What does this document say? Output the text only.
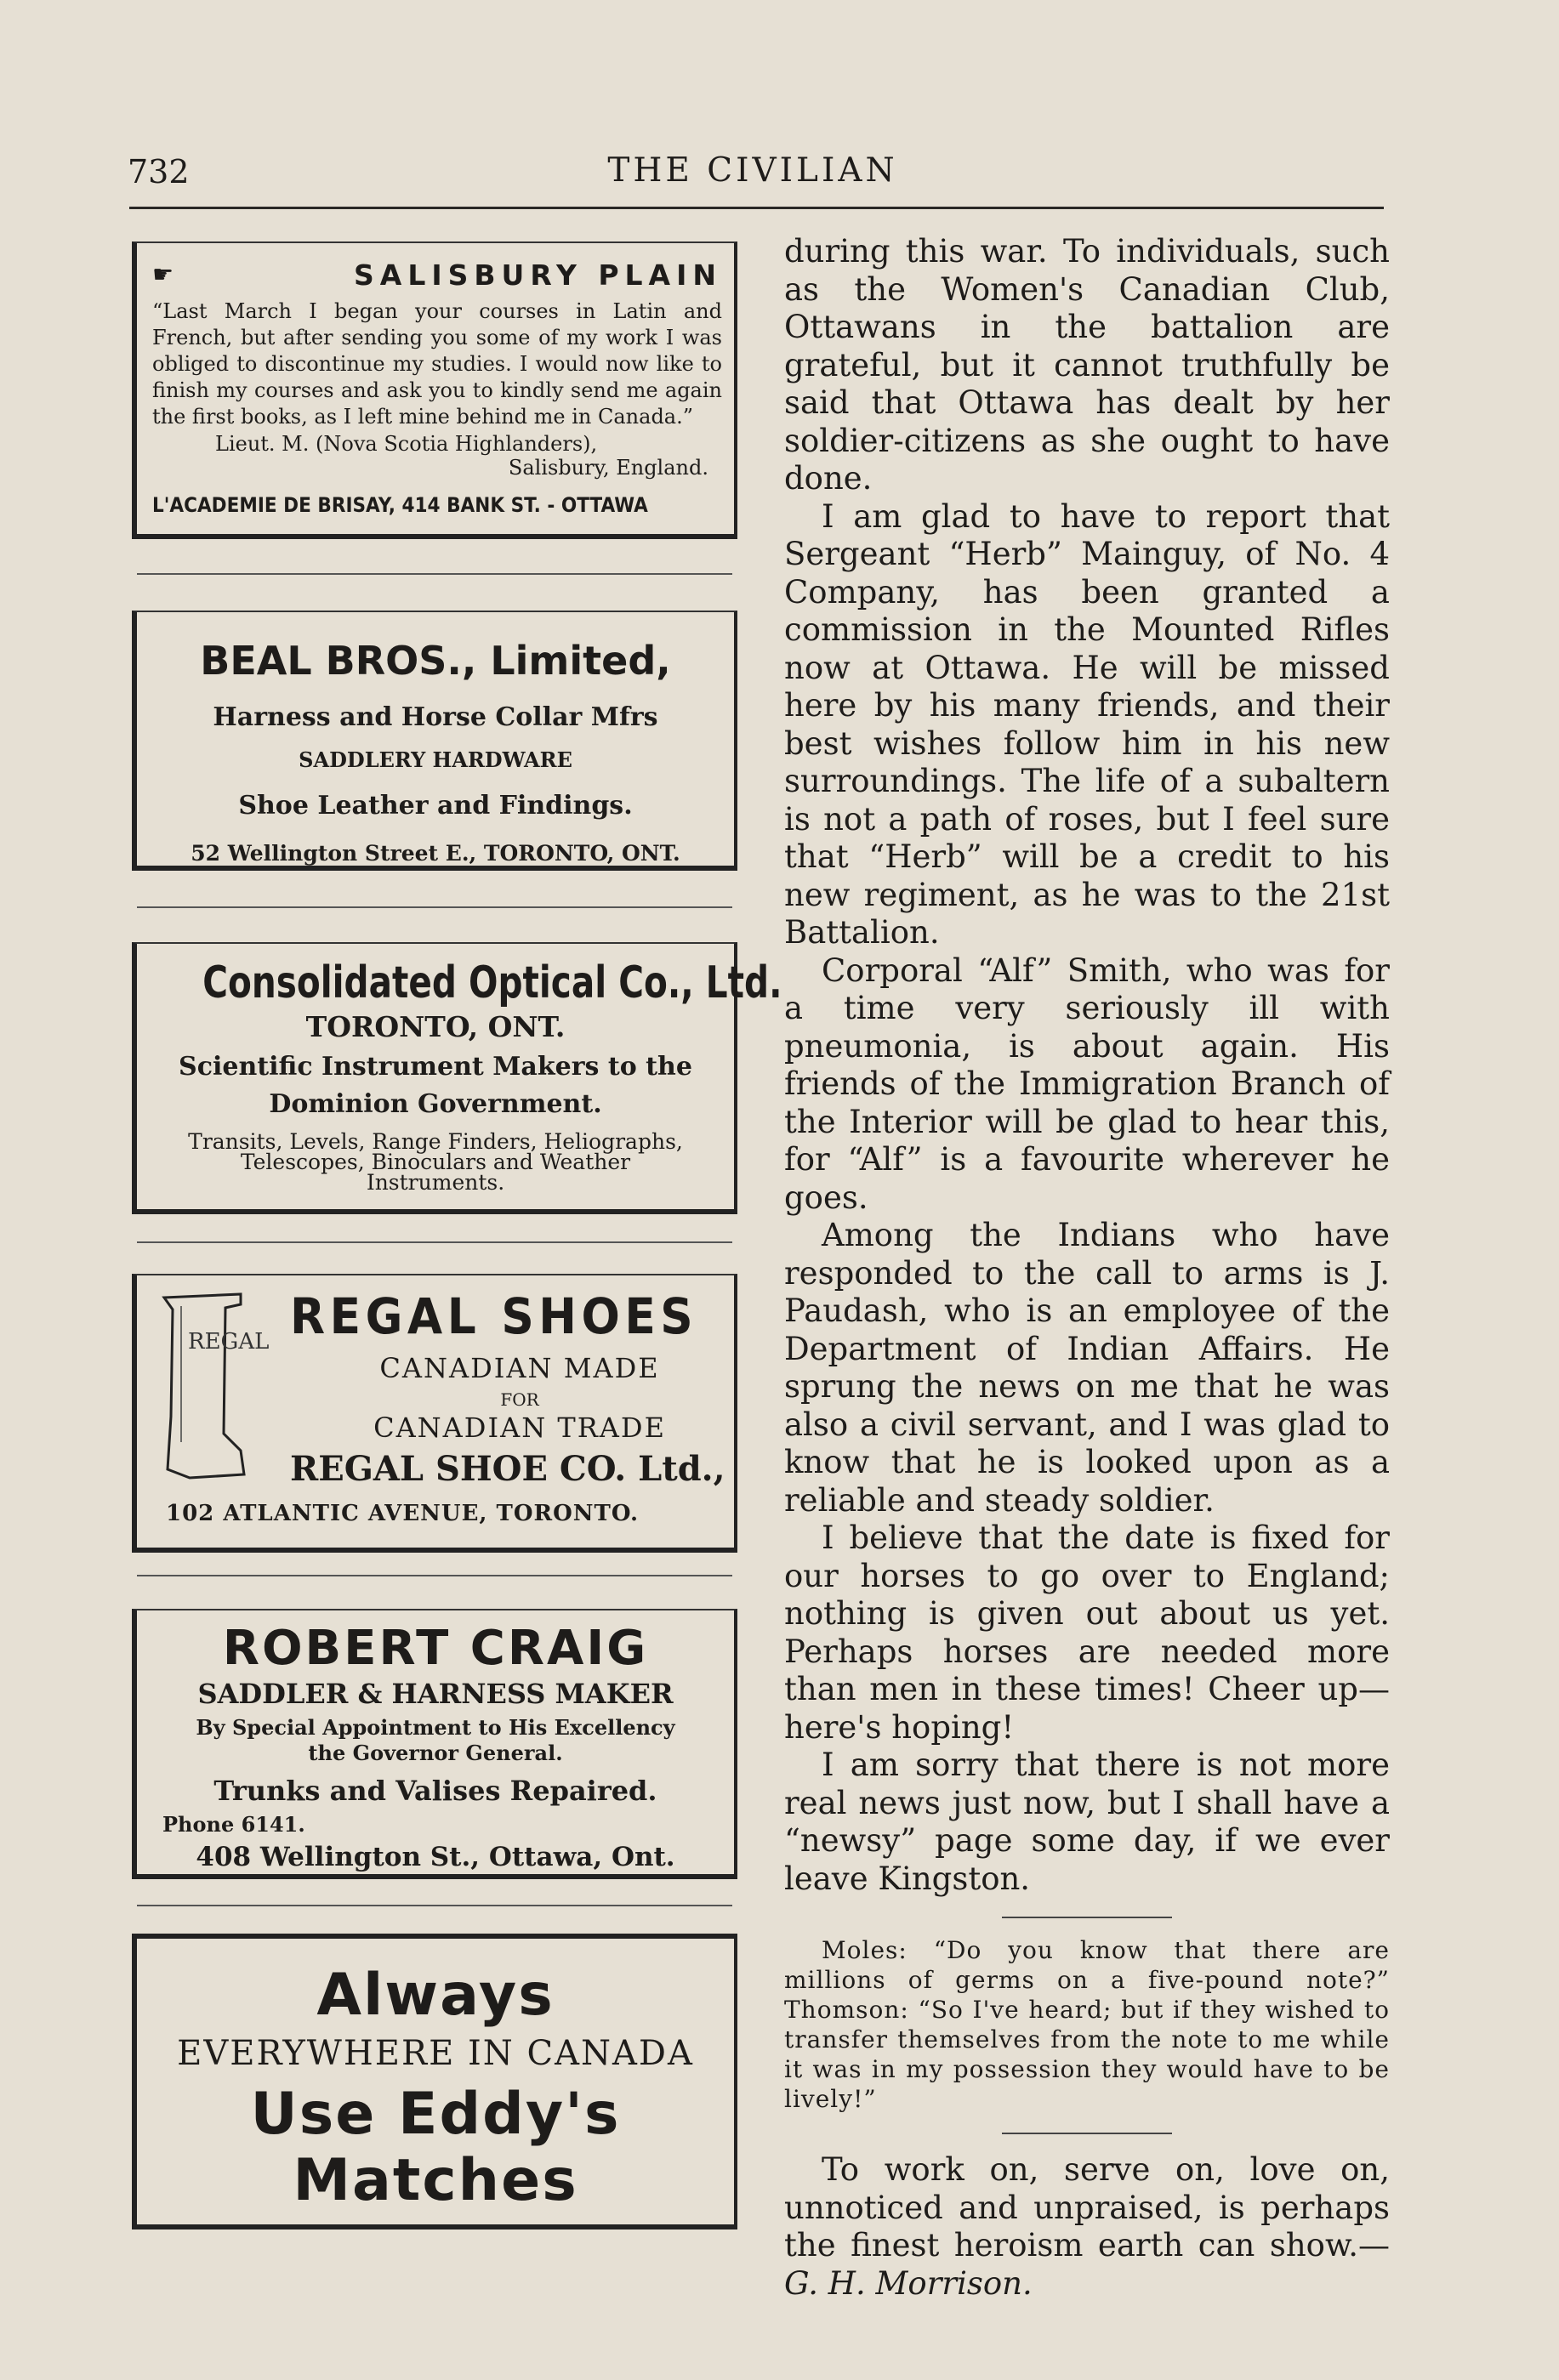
732	THE CIVILIAN
☛	SALISBURY PLAIN
“Last March I began your courses in Latin and French, but after sending you some of my work I was obliged to discontinue my studies. I would now like to finish my courses and ask you to kindly send me again the first books, as I left mine behind me in Canada.”
Lieut. M. (Nova Scotia Highlanders),
Salisbury, England.
L'ACADEMIE DE BRISAY, 414 BANK ST. - OTTAWA
BEAL BROS., Limited,
Harness and Horse Collar Mfrs
SADDLERY HARDWARE
Shoe Leather and Findings.
52 Wellington Street E., TORONTO, ONT.
Consolidated Optical Co., Ltd.
TORONTO, ONT.
Scientific Instrument Makers to the
Dominion Government.
Transits, Levels, Range Finders, Heliographs,
Telescopes, Binoculars and Weather
Instruments.
REGAL REGAL SHOES
CANADIAN MADE
FOR
CANADIAN TRADE
REGAL SHOE CO. Ltd.,
102 ATLANTIC AVENUE, TORONTO.
ROBERT CRAIG
SADDLER & HARNESS MAKER
By Special Appointment to His Excellency
the Governor General.
Trunks and Valises Repaired.
Phone 6141.
408 Wellington St., Ottawa, Ont.
Always
EVERYWHERE IN CANADA
Use Eddy's
Matches

during this war. To individuals, such as the Women's Canadian Club, Ottawans in the battalion are grateful, but it cannot truthfully be said that Ottawa has dealt by her soldier-citizens as she ought to have done.

I am glad to have to report that Sergeant “Herb” Mainguy, of No. 4 Company, has been granted a commission in the Mounted Rifles now at Ottawa. He will be missed here by his many friends, and their best wishes follow him in his new surroundings. The life of a subaltern is not a path of roses, but I feel sure that “Herb” will be a credit to his new regiment, as he was to the 21st Battalion.

Corporal “Alf” Smith, who was for a time very seriously ill with pneumonia, is about again. His friends of the Immigration Branch of the Interior will be glad to hear this, for “Alf” is a favourite wherever he goes.

Among the Indians who have responded to the call to arms is J. Paudash, who is an employee of the Department of Indian Affairs. He sprung the news on me that he was also a civil servant, and I was glad to know that he is looked upon as a reliable and steady soldier.

I believe that the date is fixed for our horses to go over to England; nothing is given out about us yet. Perhaps horses are needed more than men in these times! Cheer up—here's hoping!

I am sorry that there is not more real news just now, but I shall have a “newsy” page some day, if we ever leave Kingston.

Moles: “Do you know that there are millions of germs on a five-pound note?” Thomson: “So I've heard; but if they wished to transfer themselves from the note to me while it was in my possession they would have to be lively!”

To work on, serve on, love on, unnoticed and unpraised, is perhaps the finest heroism earth can show.— G. H. Morrison.
